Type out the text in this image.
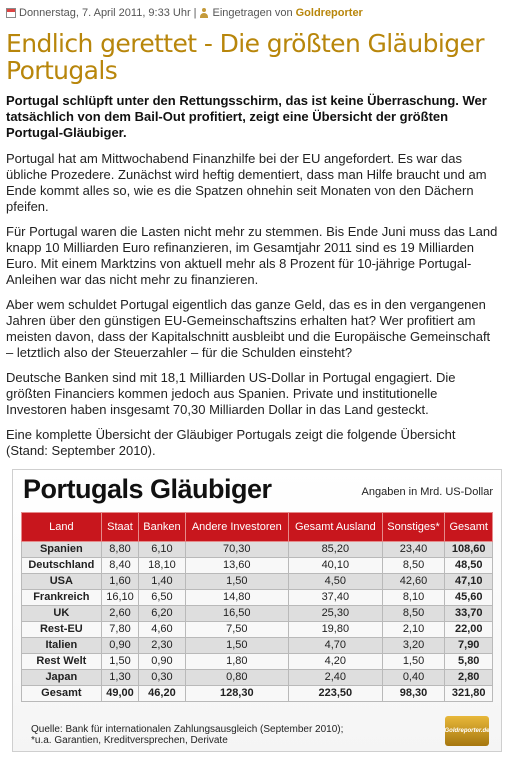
Donnerstag, 7. April 2011, 9:33 Uhr | Eingetragen von Goldreporter
Endlich gerettet - Die größten Gläubiger Portugals

Portugal schlüpft unter den Rettungsschirm, das ist keine Überraschung. Wer tatsächlich von dem Bail-Out profitiert, zeigt eine Übersicht der größten Portugal-Gläubiger.

Portugal hat am Mittwochabend Finanzhilfe bei der EU angefordert. Es war das übliche Prozedere. Zunächst wird heftig dementiert, dass man Hilfe braucht und am Ende kommt alles so, wie es die Spatzen ohnehin seit Monaten von den Dächern pfeifen.

Für Portugal waren die Lasten nicht mehr zu stemmen. Bis Ende Juni muss das Land knapp 10 Milliarden Euro refinanzieren, im Gesamtjahr 2011 sind es 19 Milliarden Euro. Mit einem Marktzins von aktuell mehr als 8 Prozent für 10-jährige Portugal-Anleihen war das nicht mehr zu finanzieren.

Aber wem schuldet Portugal eigentlich das ganze Geld, das es in den vergangenen Jahren über den günstigen EU-Gemeinschaftszins erhalten hat? Wer profitiert am meisten davon, dass der Kapitalschnitt ausbleibt und die Europäische Gemeinschaft – letztlich also der Steuerzahler – für die Schulden einsteht?

Deutsche Banken sind mit 18,1 Milliarden US-Dollar in Portugal engagiert. Die größten Financiers kommen jedoch aus Spanien. Private und institutionelle Investoren haben insgesamt 70,30 Milliarden Dollar in das Land gesteckt.

Eine komplette Übersicht der Gläubiger Portugals zeigt die folgende Übersicht (Stand: September 2010).

Portugals Gläubiger	Angaben in Mrd. US-Dollar
Land	Staat	Banken	Andere Investoren	Gesamt Ausland	Sonstiges*	Gesamt
Spanien	8,80	6,10	70,30	85,20	23,40	108,60
Deutschland	8,40	18,10	13,60	40,10	8,50	48,50
USA	1,60	1,40	1,50	4,50	42,60	47,10
Frankreich	16,10	6,50	14,80	37,40	8,10	45,60
UK	2,60	6,20	16,50	25,30	8,50	33,70
Rest-EU	7,80	4,60	7,50	19,80	2,10	22,00
Italien	0,90	2,30	1,50	4,70	3,20	7,90
Rest Welt	1,50	0,90	1,80	4,20	1,50	5,80
Japan	1,30	0,30	0,80	2,40	0,40	2,80
Gesamt	49,00	46,20	128,30	223,50	98,30	321,80
Quelle: Bank für internationalen Zahlungsausgleich (September 2010);
*u.a. Garantien, Kreditversprechen, Derivate
Goldreporter.de
